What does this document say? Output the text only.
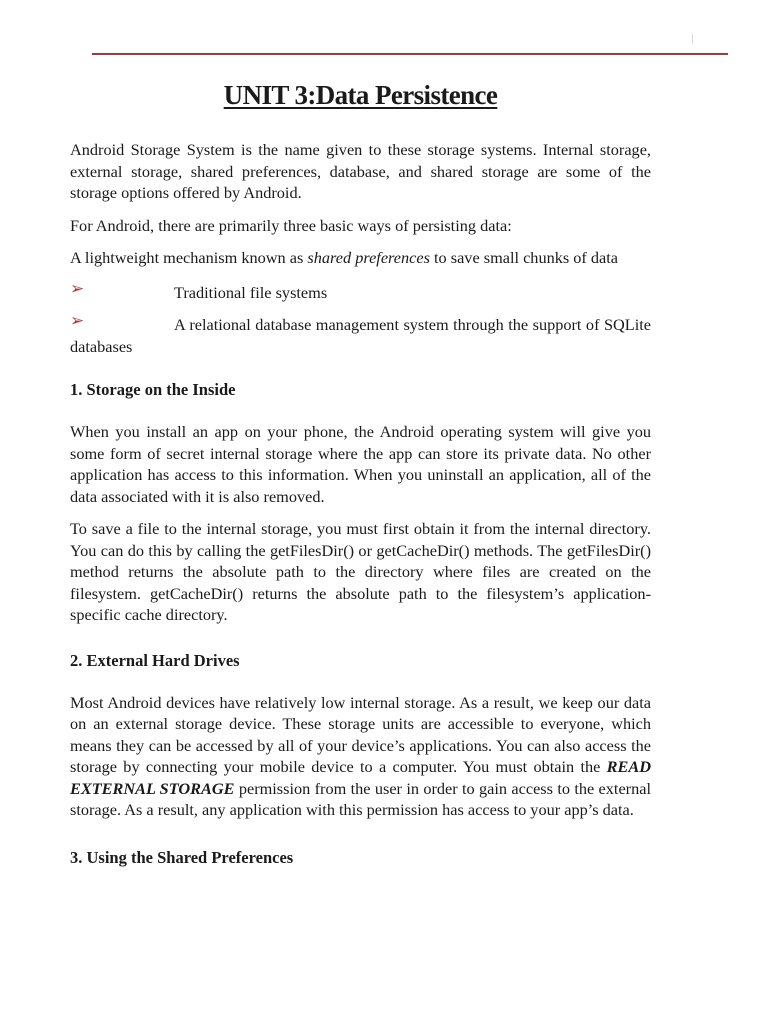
UNIT 3:Data Persistence

Android Storage System is the name given to these storage systems. Internal storage, external storage, shared preferences, database, and shared storage are some of the storage options offered by Android.

For Android, there are primarily three basic ways of persisting data:

A lightweight mechanism known as shared preferences to save small chunks of data

➢	Traditional file systems

➢	A relational database management system through the support of SQLite databases

1. Storage on the Inside

When you install an app on your phone, the Android operating system will give you some form of secret internal storage where the app can store its private data. No other application has access to this information. When you uninstall an application, all of the data associated with it is also removed.

To save a file to the internal storage, you must first obtain it from the internal directory. You can do this by calling the getFilesDir() or getCacheDir() methods. The getFilesDir() method returns the absolute path to the directory where files are created on the filesystem. getCacheDir() returns the absolute path to the filesystem’s application-specific cache directory.

2. External Hard Drives

Most Android devices have relatively low internal storage. As a result, we keep our data on an external storage device. These storage units are accessible to everyone, which means they can be accessed by all of your device’s applications. You can also access the storage by connecting your mobile device to a computer. You must obtain the READ EXTERNAL STORAGE permission from the user in order to gain access to the external storage. As a result, any application with this permission has access to your app’s data.

3. Using the Shared Preferences
